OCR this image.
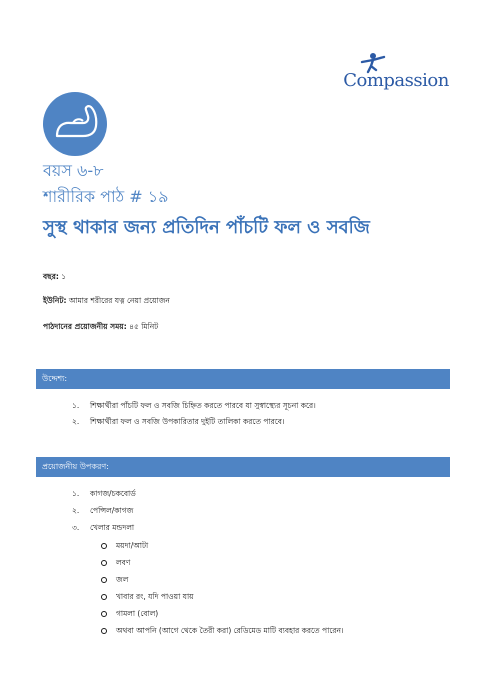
Compassion
বয়স ৬-৮
শারীরিক পাঠ # ১৯
সুস্থ থাকার জন্য প্রতিদিন পাঁচটি ফল ও সবজি
বছর: ১
ইউনিট: আমার শরীরের যত্ন নেয়া প্রয়োজন
পাঠদানের প্রয়োজনীয় সময়: ৪৫ মিনিট
উদ্দেশ্য:
১. শিক্ষার্থীরা পাঁচটি ফল ও সবজি চিহ্নিত করতে পারবে যা সুস্বাস্থ্যের সূচনা করে।
২. শিক্ষার্থীরা ফল ও সবজি উপকারিতার দুইটি তালিকা করতে পারবে।
প্রয়োজনীয় উপকরণ:
১. কাগজ/চকবোর্ড
২. পেন্সিল/কাগজ
৩. খেলার মন্ডদলা
ময়দা/আটা
লবণ
জল
খাবার রং, যদি পাওয়া যায়
গামলা (বোল)
অথবা আপনি (আগে থেকে তৈরী করা) রেডিমেড মাটি ব্যবহার করতে পারেন।
